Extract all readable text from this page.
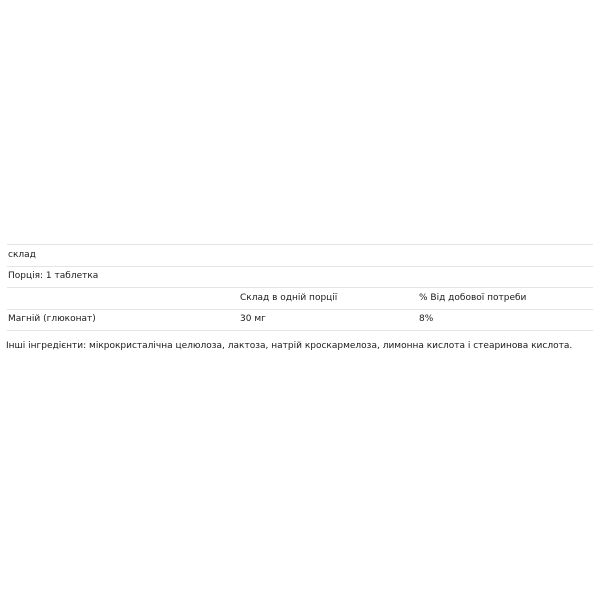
склад		
Порція: 1 таблетка		
	Склад в одній порції	% Від добової потреби
Магній (глюконат)	30 мг	8%

Інші інгредієнти: мікрокристалічна целюлоза, лактоза, натрій кроскармелоза, лимонна кислота і стеаринова кислота.
